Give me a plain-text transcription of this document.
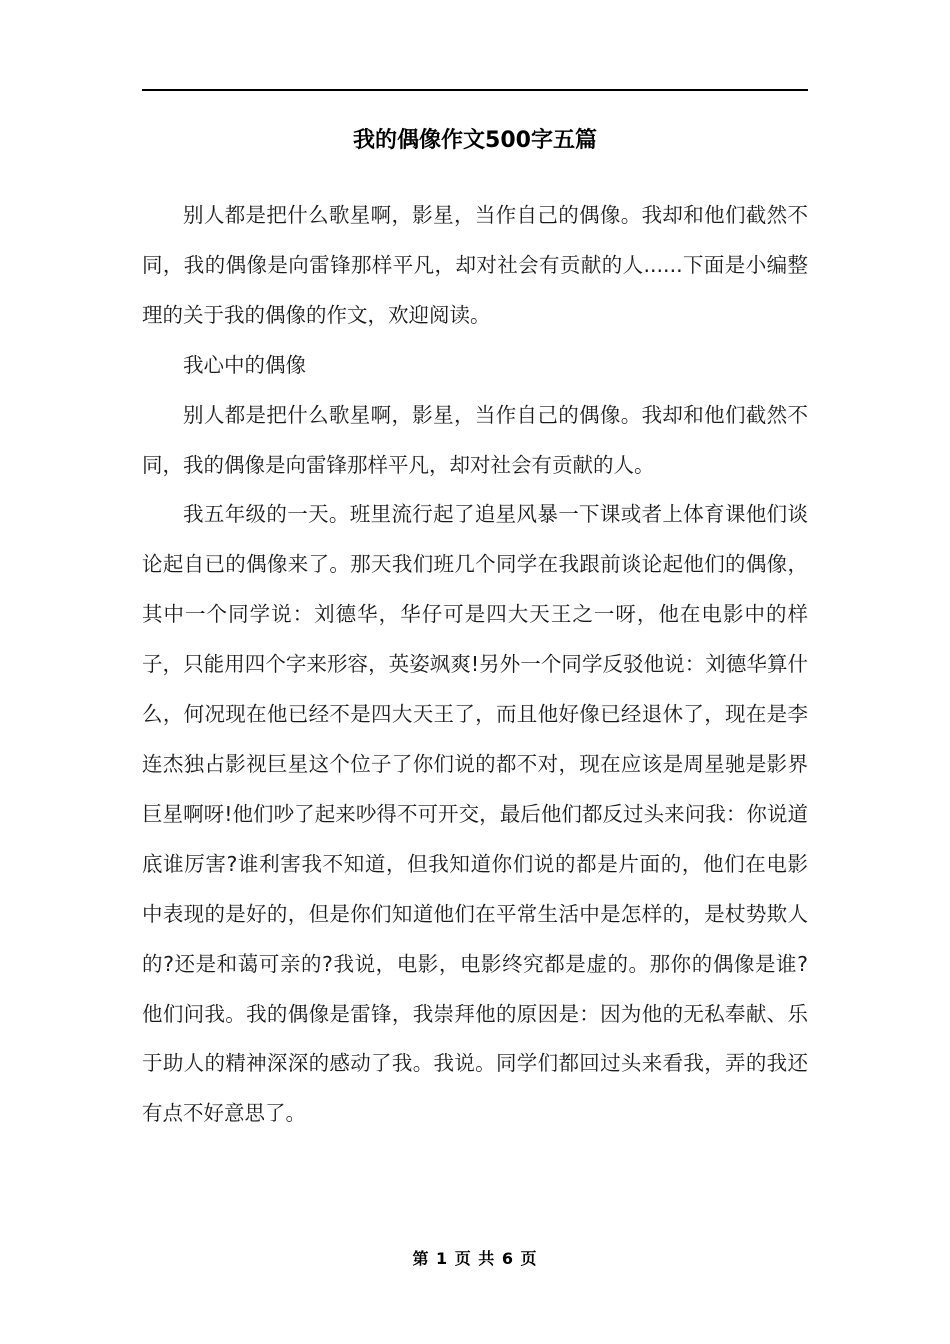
我的偶像作文500字五篇

别人都是把什么歌星啊，影星，当作自己的偶像。我却和他们截然不同，我的偶像是向雷锋那样平凡，却对社会有贡献的人......下面是小编整理的关于我的偶像的作文，欢迎阅读。

我心中的偶像

别人都是把什么歌星啊，影星，当作自己的偶像。我却和他们截然不同，我的偶像是向雷锋那样平凡，却对社会有贡献的人。

我五年级的一天。班里流行起了追星风暴一下课或者上体育课他们谈论起自已的偶像来了。那天我们班几个同学在我跟前谈论起他们的偶像，其中一个同学说：刘德华，华仔可是四大天王之一呀，他在电影中的样子，只能用四个字来形容，英姿飒爽!另外一个同学反驳他说：刘德华算什么，何况现在他已经不是四大天王了，而且他好像已经退休了，现在是李连杰独占影视巨星这个位子了你们说的都不对，现在应该是周星驰是影界巨星啊呀!他们吵了起来吵得不可开交，最后他们都反过头来问我：你说道底谁厉害?谁利害我不知道，但我知道你们说的都是片面的，他们在电影中表现的是好的，但是你们知道他们在平常生活中是怎样的，是杖势欺人的?还是和蔼可亲的?我说，电影，电影终究都是虚的。那你的偶像是谁?他们问我。我的偶像是雷锋，我崇拜他的原因是：因为他的无私奉献、乐于助人的精神深深的感动了我。我说。同学们都回过头来看我，弄的我还有点不好意思了。

第 1 页 共 6 页
